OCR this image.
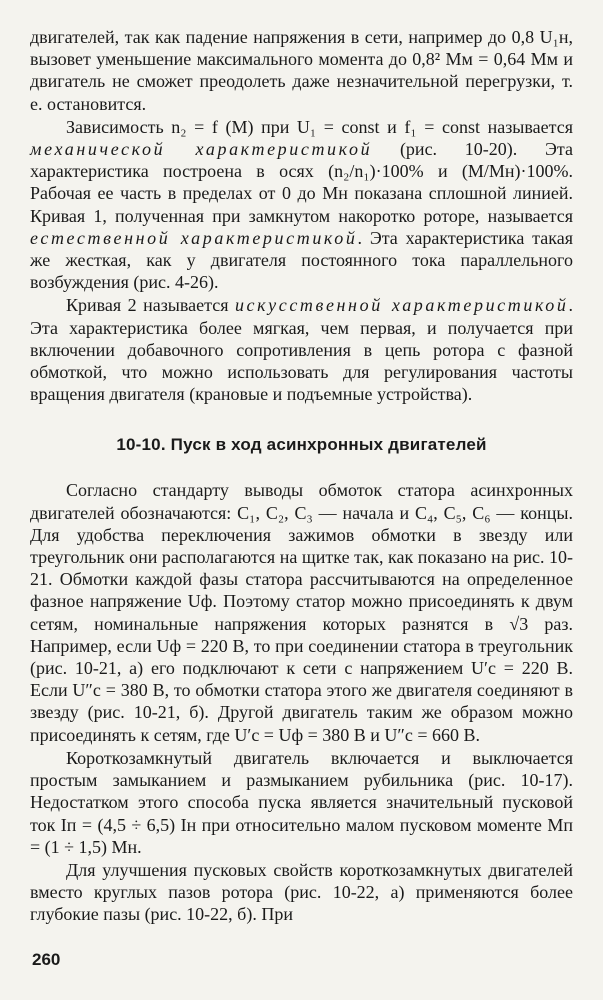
двигателей, так как падение напряжения в сети, например до 0,8 U₁н, вызовет уменьшение максимального момента до 0,8² Mм = 0,64 Mм и двигатель не сможет преодолеть даже незначительной перегрузки, т. е. остановится.

Зависимость n₂ = f (M) при U₁ = const и f₁ = const называется механической характеристикой (рис. 10-20). Эта характеристика построена в осях (n₂/n₁)·100% и (M/Mн)·100%. Рабочая ее часть в пределах от 0 до Mн показана сплошной линией. Кривая 1, полученная при замкнутом накоротко роторе, называется естественной характеристикой. Эта характеристика такая же жесткая, как у двигателя постоянного тока параллельного возбуждения (рис. 4-26).

Кривая 2 называется искусственной характеристикой. Эта характеристика более мягкая, чем первая, и получается при включении добавочного сопротивления в цепь ротора с фазной обмоткой, что можно использовать для регулирования частоты вращения двигателя (крановые и подъемные устройства).

10-10. Пуск в ход асинхронных двигателей

Согласно стандарту выводы обмоток статора асинхронных двигателей обозначаются: C₁, C₂, C₃ — начала и C₄, C₅, C₆ — концы. Для удобства переключения зажимов обмотки в звезду или треугольник они располагаются на щитке так, как показано на рис. 10-21. Обмотки каждой фазы статора рассчитываются на определенное фазное напряжение Uф. Поэтому статор можно присоединять к двум сетям, номинальные напряжения которых разнятся в √3 раз. Например, если Uф = 220 В, то при соединении статора в треугольник (рис. 10-21, а) его подключают к сети с напряжением U′c = 220 В. Если U″c = 380 В, то обмотки статора этого же двигателя соединяют в звезду (рис. 10-21, б). Другой двигатель таким же образом можно присоединять к сетям, где U′c = Uф = 380 В и U″c = 660 В.

Короткозамкнутый двигатель включается и выключается простым замыканием и размыканием рубильника (рис. 10-17). Недостатком этого способа пуска является значительный пусковой ток Iп = (4,5 ÷ 6,5) Iн при относительно малом пусковом моменте Mп = (1 ÷ 1,5) Mн.

Для улучшения пусковых свойств короткозамкнутых двигателей вместо круглых пазов ротора (рис. 10-22, а) применяются более глубокие пазы (рис. 10-22, б). При

260
